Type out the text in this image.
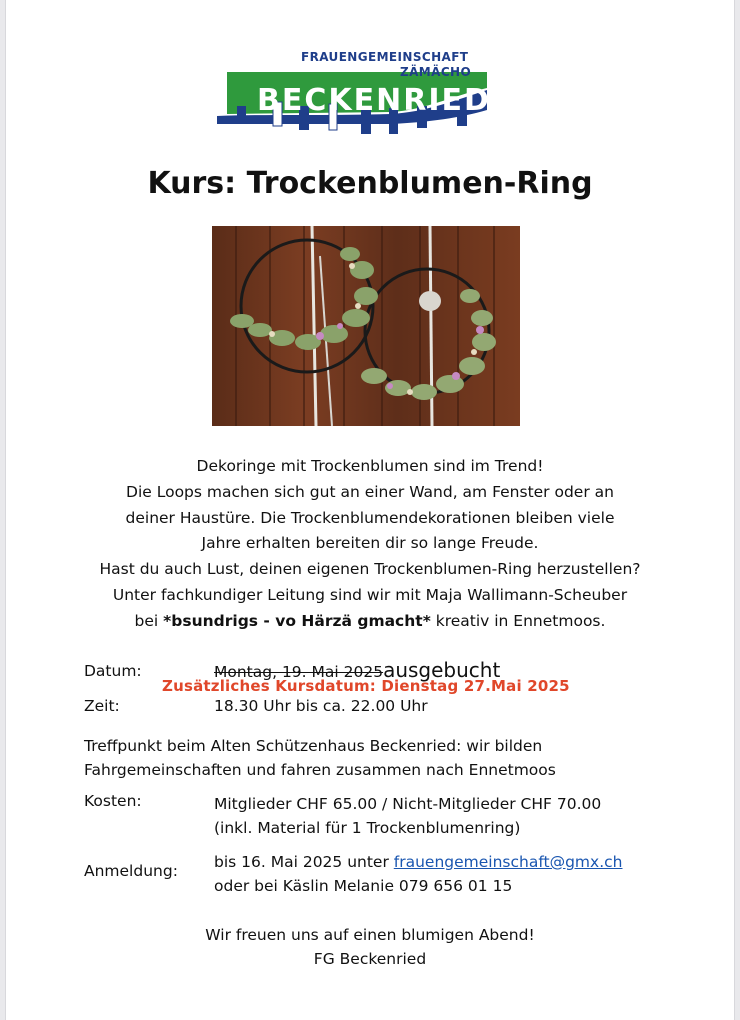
BECKENRIED
FRAUENGEMEINSCHAFT
ZÄMÄCHO
Kurs: Trockenblumen-Ring
Dekoringe mit Trockenblumen sind im Trend!
Die Loops machen sich gut an einer Wand, am Fenster oder an
deiner Haustüre. Die Trockenblumendekorationen bleiben viele
Jahre erhalten bereiten dir so lange Freude.
Hast du auch Lust, deinen eigenen Trockenblumen-Ring herzustellen?
Unter fachkundiger Leitung sind wir mit Maja Wallimann-Scheuber
bei *bsundrigs - vo Härzä gmacht* kreativ in Ennetmoos.
Datum:	Montag, 19. Mai 2025ausgebucht
Zusätzliches Kursdatum: Dienstag 27.Mai 2025
Zeit:	18.30 Uhr bis ca. 22.00 Uhr
Treffpunkt beim Alten Schützenhaus Beckenried: wir bilden
Fahrgemeinschaften und fahren zusammen nach Ennetmoos
Kosten:	Mitglieder CHF 65.00 / Nicht-Mitglieder CHF 70.00
(inkl. Material für 1 Trockenblumenring)
Anmeldung: bis 16. Mai 2025 unter frauengemeinschaft@gmx.ch
oder bei Käslin Melanie 079 656 01 15
Wir freuen uns auf einen blumigen Abend!
FG Beckenried
